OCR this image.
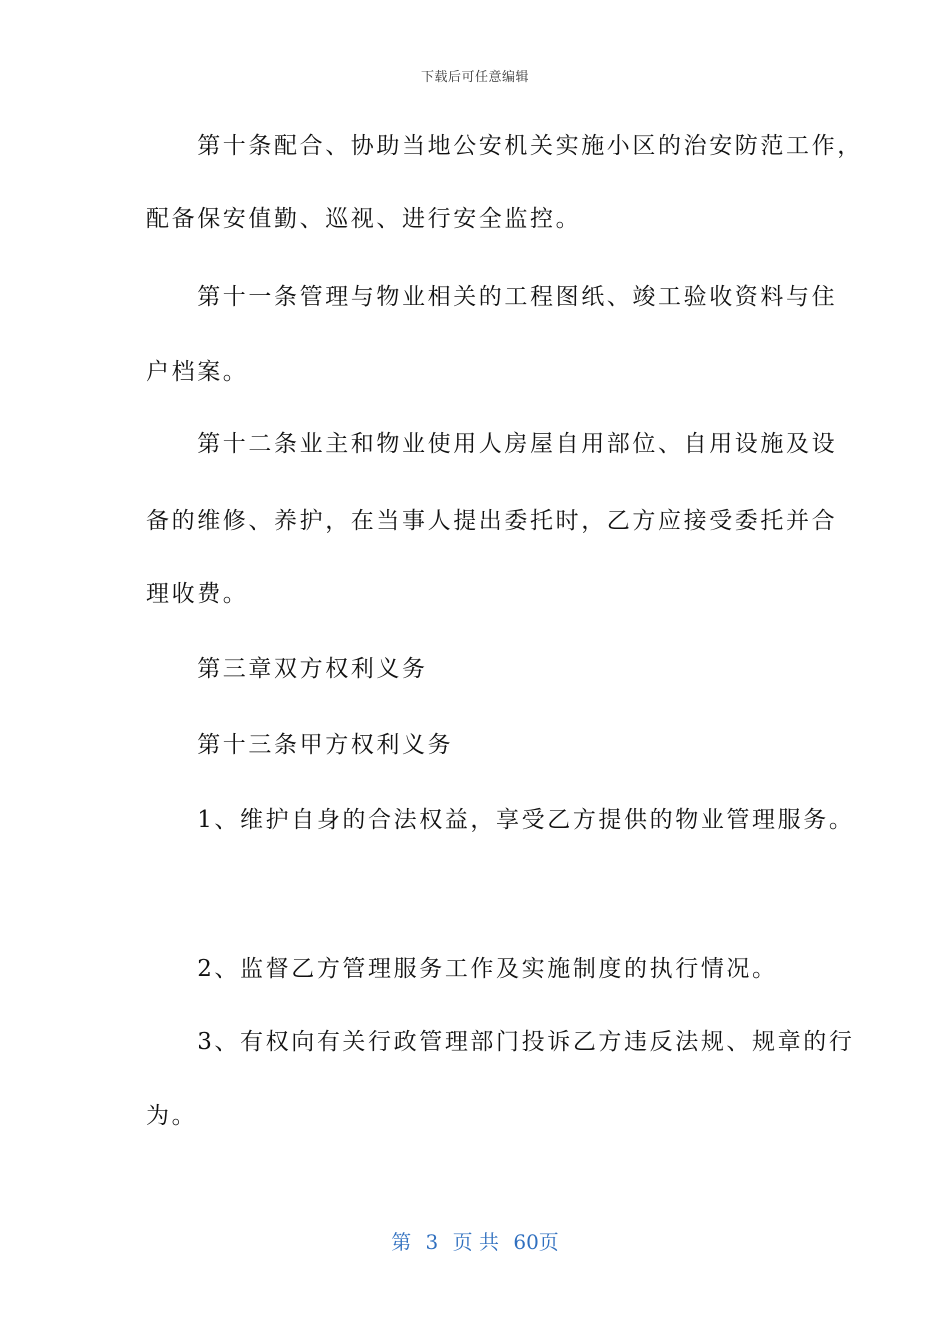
下载后可任意编辑
　　第十条配合、协助当地公安机关实施小区的治安防范工作，
配备保安值勤、巡视、进行安全监控。
　　第十一条管理与物业相关的工程图纸、竣工验收资料与住
户档案。
　　第十二条业主和物业使用人房屋自用部位、自用设施及设
备的维修、养护，在当事人提出委托时，乙方应接受委托并合
理收费。
　　第三章双方权利义务
　　第十三条甲方权利义务
　　1、维护自身的合法权益，享受乙方提供的物业管理服务。
　　2、监督乙方管理服务工作及实施制度的执行情况。
　　3、有权向有关行政管理部门投诉乙方违反法规、规章的行
为。
第 3 页 共 60页
